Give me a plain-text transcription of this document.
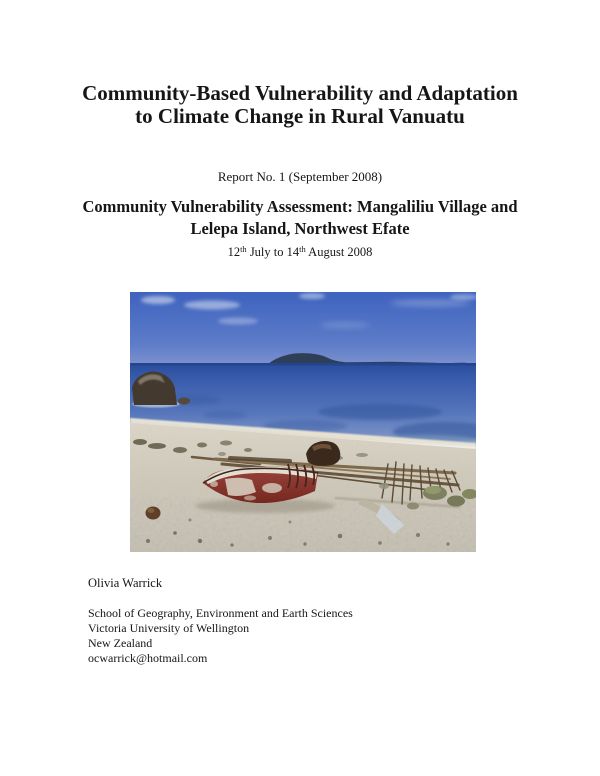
Community-Based Vulnerability and Adaptation
to Climate Change in Rural Vanuatu
Report No. 1 (September 2008)
Community Vulnerability Assessment: Mangaliliu Village and
Lelepa Island, Northwest Efate
12th July to 14th August 2008
Olivia Warrick
School of Geography, Environment and Earth Sciences
Victoria University of Wellington
New Zealand
ocwarrick@hotmail.com
